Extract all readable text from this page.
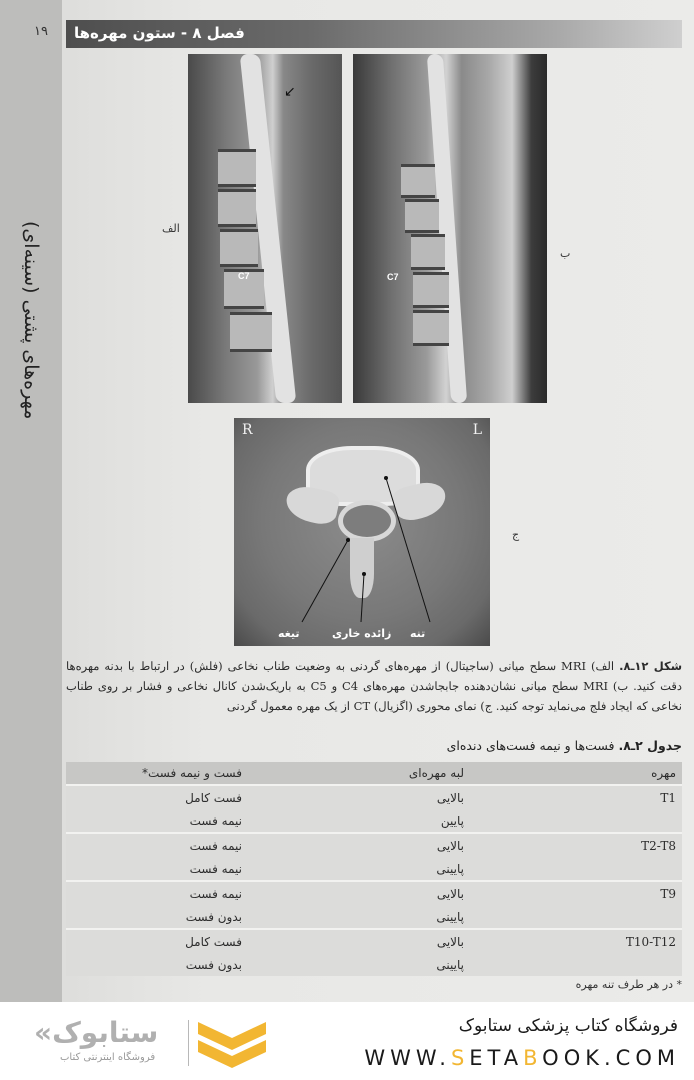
۱۹
مهره‌های پشتی (سینه‌ای)
فصل ۸ - ستون مهره‌ها
الف
C7
↙
C7
ب
R	L
تنه
زائده خاری
تیغه
ج
شکل ۱۲ـ۸. الف) MRI سطح میانی (ساجیتال) از مهره‌های گردنی به وضعیت طناب نخاعی (فلش) در ارتباط با بدنه مهره‌ها دقت کنید. ب) MRI سطح میانی نشان‌دهنده جابجاشدن مهره‌های C4 و C5 به باریک‌شدن کانال نخاعی و فشار بر روی طناب نخاعی که ایجاد فلج می‌نماید توجه کنید. ج) نمای محوری (اگزیال) CT از یک مهره معمول گردنی
جدول ۲ـ۸. فست‌ها و نیمه فست‌های دنده‌ای
مهره	لبه مهره‌ای	فست و نیمه فست*
T1	بالایی	فست کامل
	پایین	نیمه فست
T2-T8	بالایی	نیمه فست
	پایینی	نیمه فست
T9	بالایی	نیمه فست
	پایینی	بدون فست
T10-T12	بالایی	فست کامل
	پایینی	بدون فست
* در هر طرف تنه مهره
فروشگاه کتاب پزشکی ستابوک
WWW.SETABOOK.COM
«ستابوک
فروشگاه اینترنتی کتاب
